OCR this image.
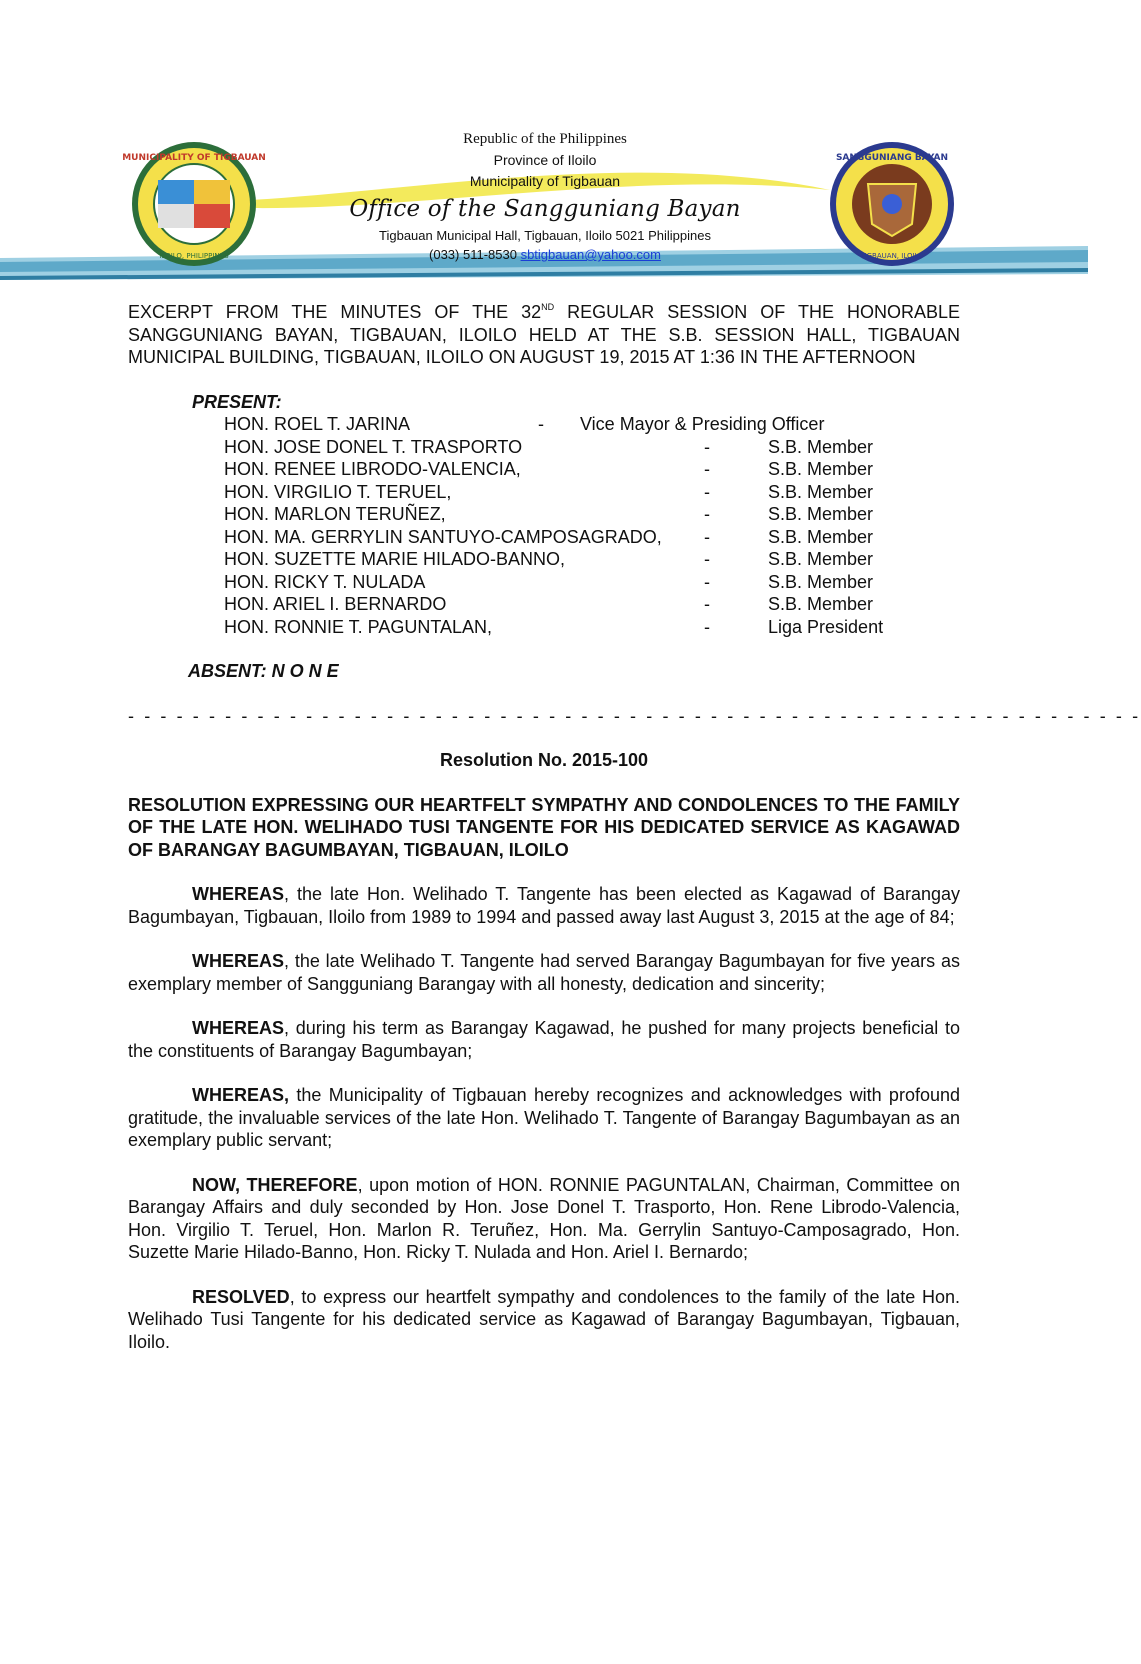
MUNICIPALITY OF TIGBAUAN
ILOILO, PHILIPPINES
SANGGUNIANG BAYAN
TIGBAUAN, ILOILO
Republic of the Philippines
Province of Iloilo
Municipality of Tigbauan
Office of the Sangguniang Bayan
Tigbauan Municipal Hall, Tigbauan, Iloilo 5021 Philippines
(033) 511-8530 sbtigbauan@yahoo.com
EXCERPT FROM THE MINUTES OF THE 32ND REGULAR SESSION OF THE HONORABLE SANGGUNIANG BAYAN, TIGBAUAN, ILOILO HELD AT THE S.B. SESSION HALL, TIGBAUAN MUNICIPAL BUILDING, TIGBAUAN, ILOILO ON AUGUST 19, 2015 AT 1:36 IN THE AFTERNOON
PRESENT:
HON. ROEL T. JARINA	- Vice Mayor & Presiding Officer
HON. JOSE DONEL T. TRASPORTO	-	S.B. Member
HON. RENEE LIBRODO-VALENCIA,	-	S.B. Member
HON. VIRGILIO T. TERUEL,	-	S.B. Member
HON. MARLON TERUÑEZ,	-	S.B. Member
HON. MA. GERRYLIN SANTUYO-CAMPOSAGRADO, -	S.B. Member
HON. SUZETTE MARIE HILADO-BANNO,	-	S.B. Member
HON. RICKY T. NULADA	-	S.B. Member
HON. ARIEL I. BERNARDO	-	S.B. Member
HON. RONNIE T. PAGUNTALAN,	-	Liga President
ABSENT: N O N E
- - - - - - - - - - - - - - - - - - - - - - - - - - - - - - - - - - - - - - - - - - - - - - - - - - - - - - - - - - - - - - -
Resolution No. 2015-100
RESOLUTION EXPRESSING OUR HEARTFELT SYMPATHY AND CONDOLENCES TO THE FAMILY OF THE LATE HON. WELIHADO TUSI TANGENTE FOR HIS DEDICATED SERVICE AS KAGAWAD OF BARANGAY BAGUMBAYAN, TIGBAUAN, ILOILO
WHEREAS, the late Hon. Welihado T. Tangente has been elected as Kagawad of Barangay Bagumbayan, Tigbauan, Iloilo from 1989 to 1994 and passed away last August 3, 2015 at the age of 84;
WHEREAS, the late Welihado T. Tangente had served Barangay Bagumbayan for five years as exemplary member of Sangguniang Barangay with all honesty, dedication and sincerity;
WHEREAS, during his term as Barangay Kagawad, he pushed for many projects beneficial to the constituents of Barangay Bagumbayan;
WHEREAS, the Municipality of Tigbauan hereby recognizes and acknowledges with profound gratitude, the invaluable services of the late Hon. Welihado T. Tangente of Barangay Bagumbayan as an exemplary public servant;
NOW, THEREFORE, upon motion of HON. RONNIE PAGUNTALAN, Chairman, Committee on Barangay Affairs and duly seconded by Hon. Jose Donel T. Trasporto, Hon. Rene Librodo-Valencia, Hon. Virgilio T. Teruel, Hon. Marlon R. Teruñez, Hon. Ma. Gerrylin Santuyo-Camposagrado, Hon. Suzette Marie Hilado-Banno, Hon. Ricky T. Nulada and Hon. Ariel I. Bernardo;
RESOLVED, to express our heartfelt sympathy and condolences to the family of the late Hon. Welihado Tusi Tangente for his dedicated service as Kagawad of Barangay Bagumbayan, Tigbauan, Iloilo.
